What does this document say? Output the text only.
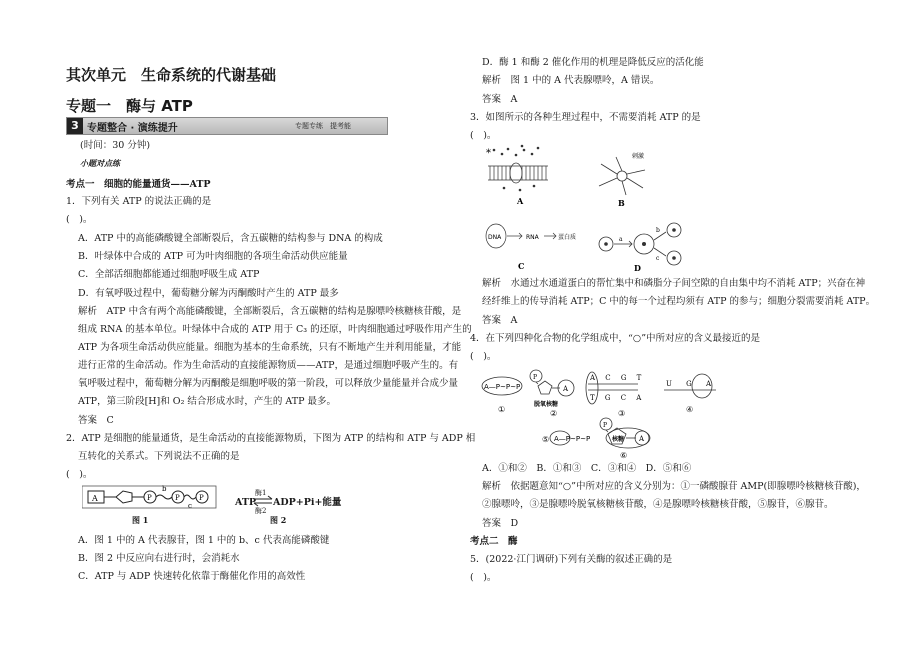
其次单元　生命系统的代谢基础
专题一　酶与 ATP
3 专题整合 · 演练提升	专题专练　提考能
(时间：30 分钟)
小题对点练
考点一　细胞的能量通货——ATP
1．下列有关 ATP 的说法正确的是
(　)。
A．ATP 中的高能磷酸键全部断裂后，含五碳糖的结构参与 DNA 的构成
B．叶绿体中合成的 ATP 可为叶肉细胞的各项生命活动供应能量
C．全部活细胞都能通过细胞呼吸生成 ATP
D．有氧呼吸过程中，葡萄糖分解为丙酮酸时产生的 ATP 最多
解析　ATP 中含有两个高能磷酸键，全部断裂后，含五碳糖的结构是腺嘌呤核糖核苷酸，是
组成 RNA 的基本单位。叶绿体中合成的 ATP 用于 C₃ 的还原，叶肉细胞通过呼吸作用产生的
ATP 为各项生命活动供应能量。细胞为基本的生命系统，只有不断地产生并利用能量，才能
进行正常的生命活动。作为生命活动的直接能源物质——ATP，是通过细胞呼吸产生的。有
氧呼吸过程中，葡萄糖分解为丙酮酸是细胞呼吸的第一阶段，可以释放少量能量并合成少量
ATP，第三阶段[H]和 O₂ 结合形成水时，产生的 ATP 最多。
答案　C
2．ATP 是细胞的能量通货，是生命活动的直接能源物质，下图为 ATP 的结构和 ATP 与 ADP 相
互转化的关系式。下列说法不正确的是
(　)。
A	P	P	P
b
c
图 1
ATP
酶1
酶2
ADP+Pi+能量
图 2
A．图 1 中的 A 代表腺苷，图 1 中的 b、c 代表高能磷酸键
B．图 2 中反应向右进行时，会消耗水
C．ATP 与 ADP 快速转化依靠于酶催化作用的高效性
D．酶 1 和酶 2 催化作用的机理是降低反应的活化能
解析　图 1 中的 A 代表腺嘌呤，A 错误。
答案　A
3．如图所示的各种生理过程中，不需要消耗 ATP 的是
(　)。
*
A
刺激
B
DNA	RNA	蛋白质
C
a
b
c
D
解析　水通过水通道蛋白的帮忙集中和磷脂分子间空隙的自由集中均不消耗 ATP；兴奋在神
经纤维上的传导消耗 ATP；C 中的每一个过程均须有 ATP 的参与；细胞分裂需要消耗 ATP。
答案　A
4．在下列四种化合物的化学组成中，“○”中所对应的含义最接近的是
(　)。
A—P~P~P
①
P
A
脱氧核糖
②
A C G T
T G C A
③
U G A
④
A—P~P~P
⑤
P
核糖 A
⑥
A．①和②　B．①和③　C．③和④　D．⑤和⑥
解析　依据题意知“○”中所对应的含义分别为：①一磷酸腺苷 AMP(即腺嘌呤核糖核苷酸)，
②腺嘌呤，③是腺嘌呤脱氧核糖核苷酸，④是腺嘌呤核糖核苷酸，⑤腺苷，⑥腺苷。
答案　D
考点二　酶
5．(2022·江门调研)下列有关酶的叙述正确的是
(　)。
